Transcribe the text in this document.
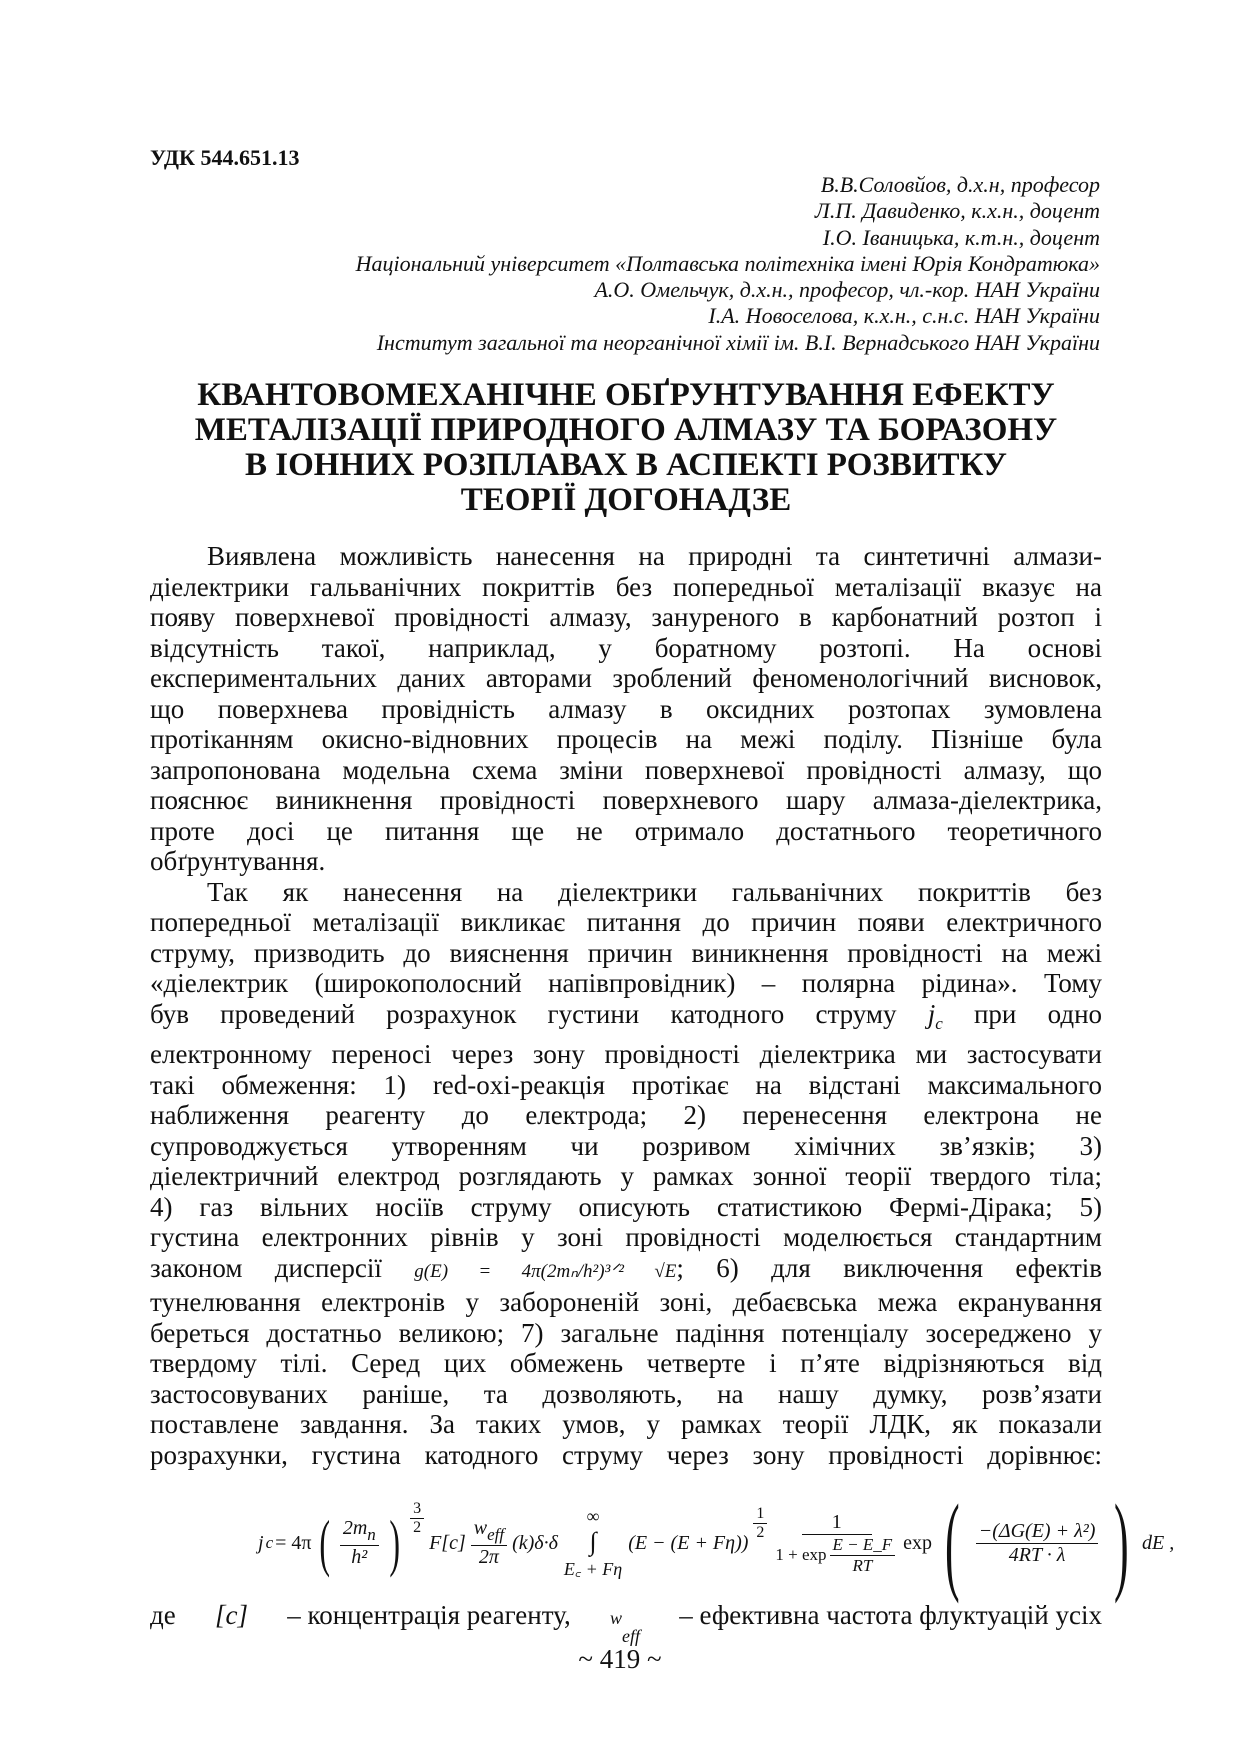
УДК 544.651.13
В.В.Соловйов, д.х.н, професор
Л.П. Давиденко, к.х.н., доцент
І.О. Іваницька, к.т.н., доцент
Національний університет «Полтавська політехніка імені Юрія Кондратюка»
А.О. Омельчук, д.х.н., професор, чл.-кор. НАН України
І.А. Новоселова, к.х.н., с.н.с. НАН України
Інститут загальної та неорганічної хімії ім. В.І. Вернадського НАН України
КВАНТОВОМЕХАНІЧНЕ ОБҐРУНТУВАННЯ ЕФЕКТУ
МЕТАЛІЗАЦІЇ ПРИРОДНОГО АЛМАЗУ ТА БОРАЗОНУ
В ІОННИХ РОЗПЛАВАХ В АСПЕКТІ РОЗВИТКУ
ТЕОРІЇ ДОГОНАДЗЕ
Виявлена можливість нанесення на природні та синтетичні алмази-
діелектрики гальванічних покриттів без попередньої металізації вказує на
появу поверхневої провідності алмазу, зануреного в карбонатний розтоп і
відсутність такої, наприклад, у боратному розтопі. На основі
експериментальних даних авторами зроблений феноменологічний висновок,
що поверхнева провідність алмазу в оксидних розтопах зумовлена
протіканням окисно-відновних процесів на межі поділу. Пізніше була
запропонована модельна схема зміни поверхневої провідності алмазу, що
пояснює виникнення провідності поверхневого шару алмаза-діелектрика,
проте досі це питання ще не отримало достатнього теоретичного
обґрунтування.
Так як нанесення на діелектрики гальванічних покриттів без
попередньої металізації викликає питання до причин появи електричного
струму, призводить до вияснення причин виникнення провідності на межі
«діелектрик (широкополосний напівпровідник) – полярна рідина». Тому
був проведений розрахунок густини катодного струму $j_c$ при одно
електронному переносі через зону провідності діелектрика ми застосувати
такі обмеження: 1) red-oxi-реакція протікає на відстані максимального
наближення реагенту до електрода; 2) перенесення електрона не
супроводжується утворенням чи розривом хімічних зв’язків; 3)
діелектричний електрод розглядають у рамках зонної теорії твердого тіла;
4) газ вільних носіїв струму описують статистикою Фермі-Дірака; 5)
густина електронних рівнів у зоні провідності моделюється стандартним
законом дисперсії g(E) = 4π(2mₙ/h²)³ᐟ² √E; 6) для виключення ефектів
тунелювання електронів у забороненій зоні, дебаєвська межа екранування
береться достатньо великою; 7) загальне падіння потенціалу зосереджено у
твердому тілі. Серед цих обмежень четверте і п’яте відрізняються від
застосовуваних раніше, та дозволяють, на нашу думку, розв’язати
поставлене завдання. За таких умов, у рамках теорії ЛДК, як показали
розрахунки, густина катодного струму через зону провідності дорівнює:
j c = 4π ( $\frac{2m_n}{\text{h²}}$ ) $\frac{3}{2}$
$F[c] \frac{w_{eff}}{2\pi} (k)\delta\cdot\delta$
∞
∫
E꜀ + Fη
(E − (E + Fη))
$\frac{1}{2} \frac{1}{1 + \exp \frac{E - E\_F}{RT}}$ exp ( $\frac{\text{−(ΔG(E) + λ²)}}{4RT \cdot \lambda}$ ) dE ,
де [c] – концентрація реагенту, weff
– ефективна частота флуктуацій усіх
~ 419 ~
